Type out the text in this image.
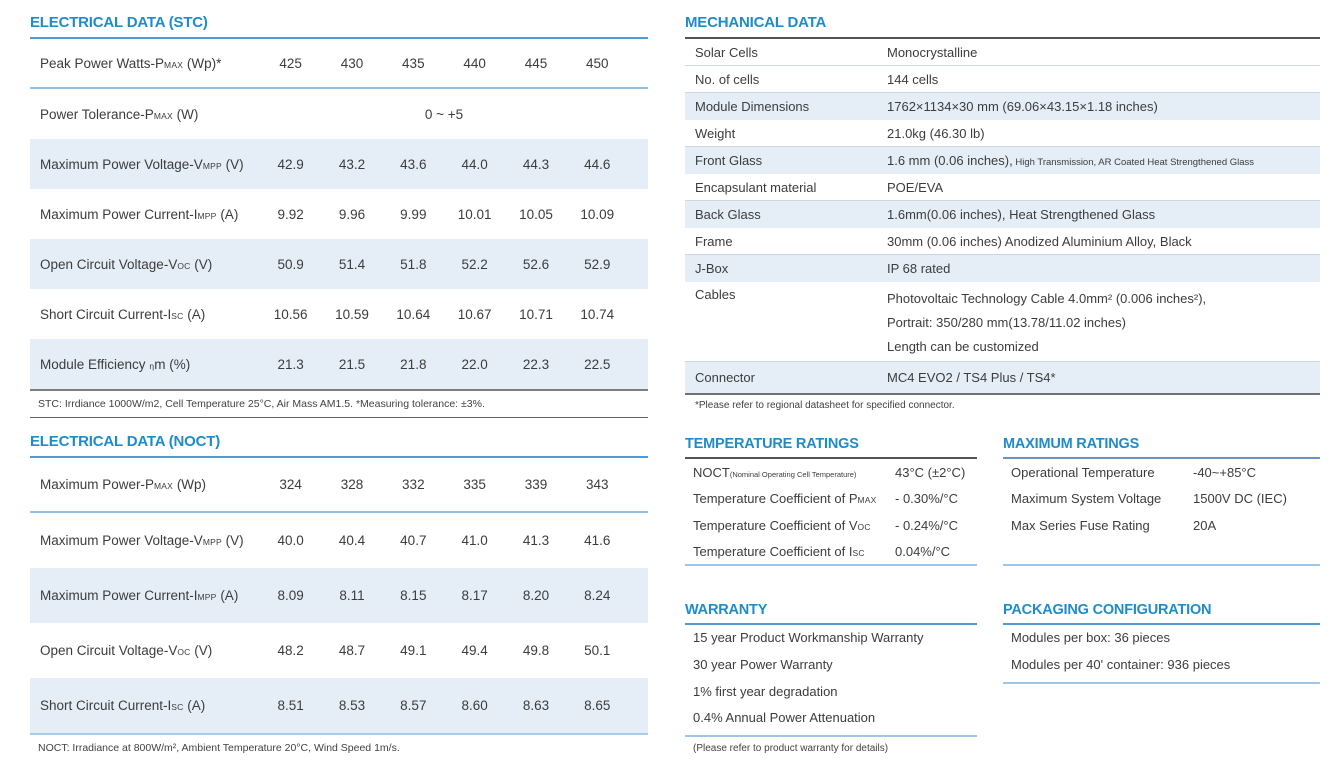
ELECTRICAL DATA (STC)
Peak Power Watts-PMAX (Wp)*	425	430	435	440	445	450
Power Tolerance-PMAX (W)	0 ~ +5
Maximum Power Voltage-VMPP (V)	42.9	43.2	43.6	44.0	44.3	44.6
Maximum Power Current-IMPP (A)	9.92	9.96	9.99	10.01	10.05	10.09
Open Circuit Voltage-VOC (V)	50.9	51.4	51.8	52.2	52.6	52.9
Short Circuit Current-ISC (A)	10.56	10.59	10.64	10.67	10.71	10.74
Module Efficiency ηm (%)	21.3	21.5	21.8	22.0	22.3	22.5
STC: Irrdiance 1000W/m2, Cell Temperature 25°C, Air Mass AM1.5. *Measuring tolerance: ±3%.
ELECTRICAL DATA (NOCT)
Maximum Power-PMAX (Wp)	324	328	332	335	339	343
Maximum Power Voltage-VMPP (V)	40.0	40.4	40.7	41.0	41.3	41.6
Maximum Power Current-IMPP (A)	8.09	8.11	8.15	8.17	8.20	8.24
Open Circuit Voltage-VOC (V)	48.2	48.7	49.1	49.4	49.8	50.1
Short Circuit Current-ISC (A)	8.51	8.53	8.57	8.60	8.63	8.65
NOCT: Irradiance at 800W/m², Ambient Temperature 20°C, Wind Speed 1m/s.
MECHANICAL DATA
Solar Cells	Monocrystalline
No. of cells	144 cells
Module Dimensions	1762×1134×30 mm (69.06×43.15×1.18 inches)
Weight	21.0kg (46.30 lb)
Front Glass	1.6 mm (0.06 inches), High Transmission, AR Coated Heat Strengthened Glass
Encapsulant material	POE/EVA
Back Glass	1.6mm(0.06 inches), Heat Strengthened Glass
Frame	30mm (0.06 inches) Anodized Aluminium Alloy, Black
J-Box	IP 68 rated
Cables	Photovoltaic Technology Cable 4.0mm² (0.006 inches²),
Portrait: 350/280 mm(13.78/11.02 inches)
Length can be customized
Connector	MC4 EVO2 / TS4 Plus / TS4*
*Please refer to regional datasheet for specified connector.
TEMPERATURE RATINGS
NOCT(Nominal Operating Cell Temperature)	43°C (±2°C)
Temperature Coefficient of PMAX	- 0.30%/°C
Temperature Coefficient of VOC	- 0.24%/°C
Temperature Coefficient of ISC	0.04%/°C
MAXIMUM RATINGS
Operational Temperature	-40~+85°C
Maximum System Voltage	1500V DC (IEC)
Max Series Fuse Rating	20A
WARRANTY
15 year Product Workmanship Warranty
30 year Power Warranty
1% first year degradation
0.4% Annual Power Attenuation
(Please refer to product warranty for details)
PACKAGING CONFIGURATION
Modules per box: 36 pieces
Modules per 40' container: 936 pieces
